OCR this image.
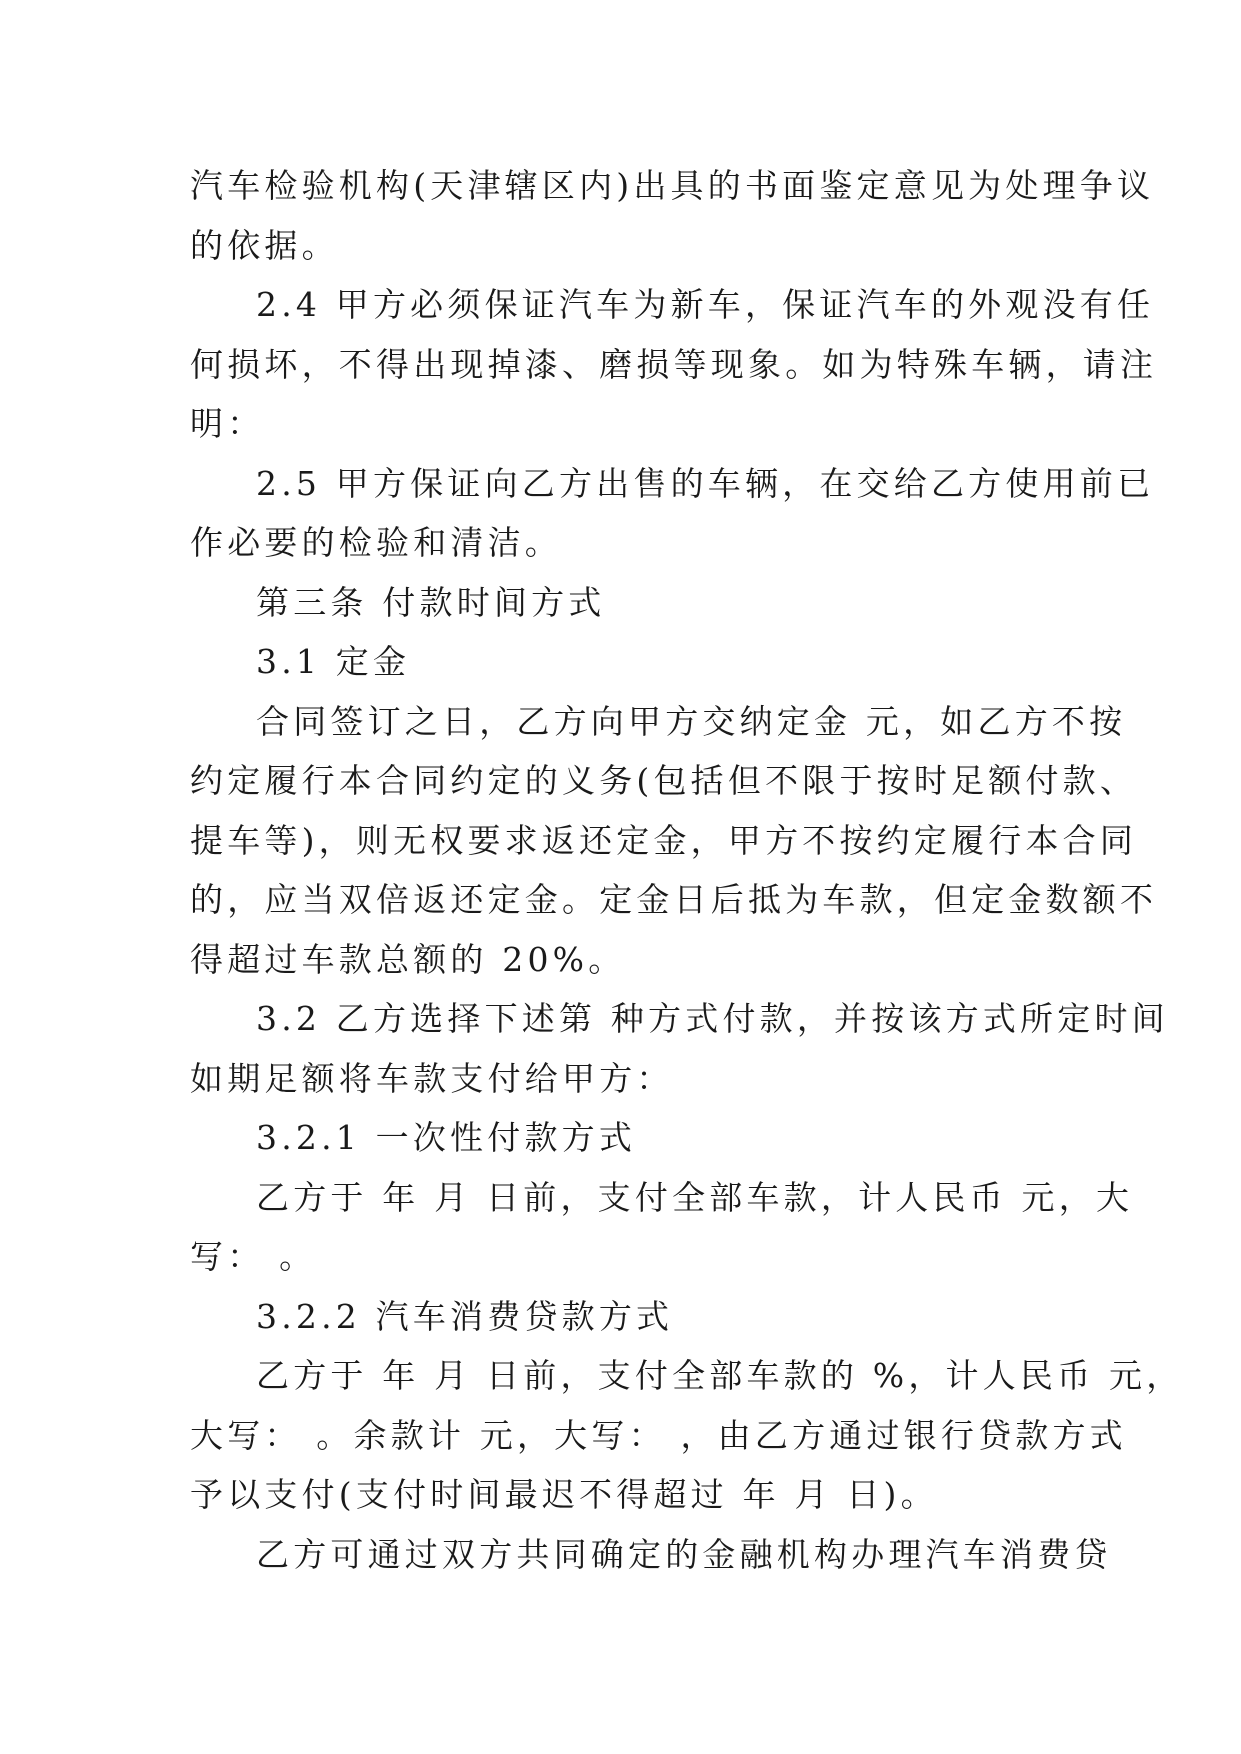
汽车检验机构(天津辖区内)出具的书面鉴定意见为处理争议
的依据。
2.4 甲方必须保证汽车为新车，保证汽车的外观没有任
何损坏，不得出现掉漆、磨损等现象。如为特殊车辆，请注
明：
2.5 甲方保证向乙方出售的车辆，在交给乙方使用前已
作必要的检验和清洁。
第三条 付款时间方式
3.1 定金
合同签订之日，乙方向甲方交纳定金 元，如乙方不按
约定履行本合同约定的义务(包括但不限于按时足额付款、
提车等)，则无权要求返还定金，甲方不按约定履行本合同
的，应当双倍返还定金。定金日后抵为车款，但定金数额不
得超过车款总额的 20%。
3.2 乙方选择下述第 种方式付款，并按该方式所定时间
如期足额将车款支付给甲方：
3.2.1 一次性付款方式
乙方于 年 月 日前，支付全部车款，计人民币 元，大
写： 。
3.2.2 汽车消费贷款方式
乙方于 年 月 日前，支付全部车款的 %，计人民币 元，
大写： 。余款计 元，大写： ，由乙方通过银行贷款方式
予以支付(支付时间最迟不得超过 年 月 日)。
乙方可通过双方共同确定的金融机构办理汽车消费贷
